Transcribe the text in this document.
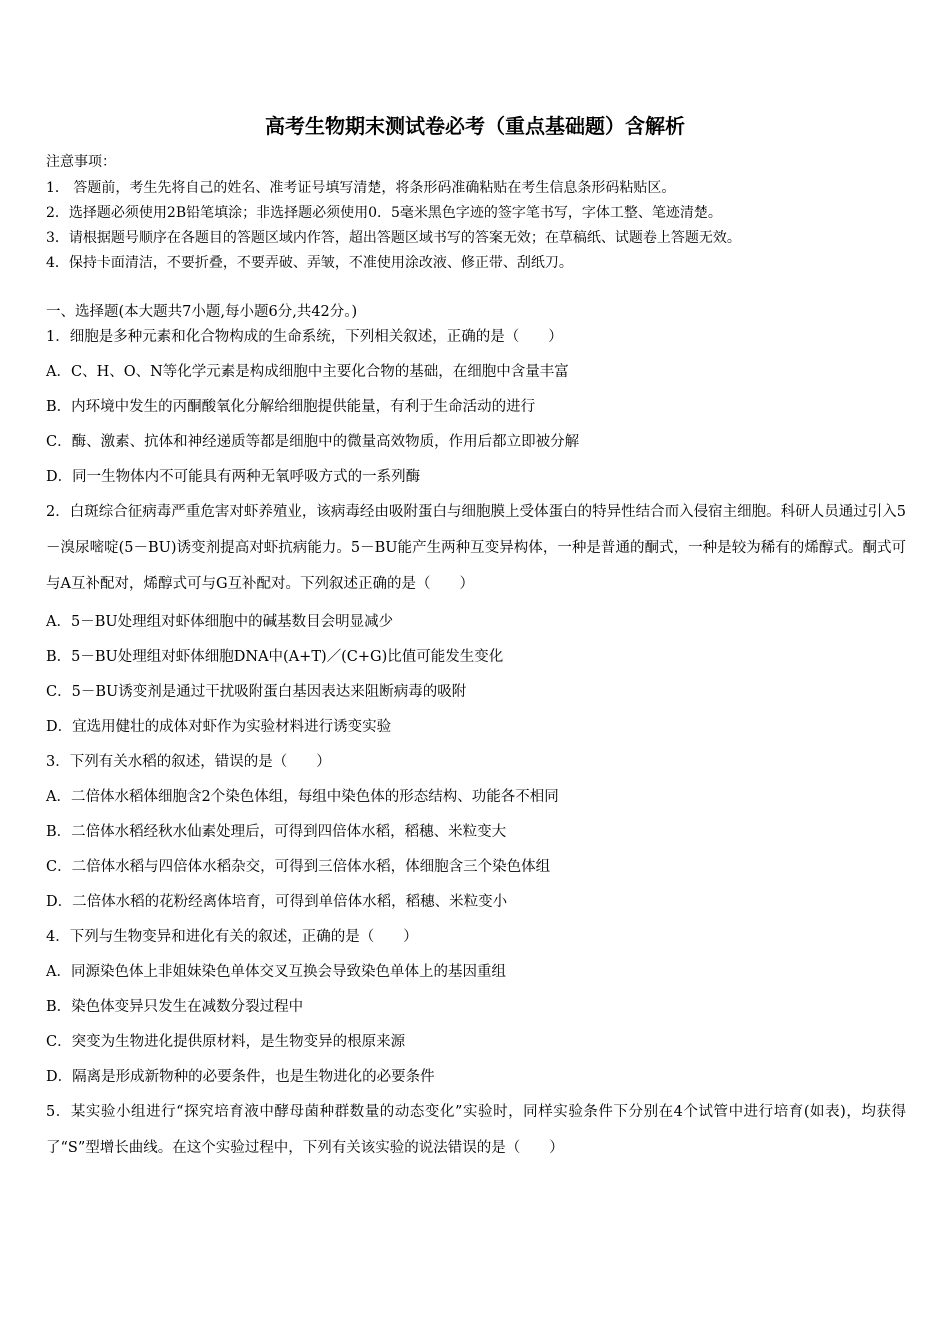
高考生物期末测试卷必考（重点基础题）含解析
注意事项：
1． 答题前，考生先将自己的姓名、准考证号填写清楚，将条形码准确粘贴在考生信息条形码粘贴区。
2．选择题必须使用2B铅笔填涂；非选择题必须使用0．5毫米黑色字迹的签字笔书写，字体工整、笔迹清楚。
3．请根据题号顺序在各题目的答题区域内作答，超出答题区域书写的答案无效；在草稿纸、试题卷上答题无效。
4．保持卡面清洁，不要折叠，不要弄破、弄皱，不准使用涂改液、修正带、刮纸刀。
一、选择题(本大题共7小题,每小题6分,共42分。)
1．细胞是多种元素和化合物构成的生命系统，下列相关叙述，正确的是（　　）
A．C、H、O、N等化学元素是构成细胞中主要化合物的基础，在细胞中含量丰富
B．内环境中发生的丙酮酸氧化分解给细胞提供能量，有利于生命活动的进行
C．酶、激素、抗体和神经递质等都是细胞中的微量高效物质，作用后都立即被分解
D．同一生物体内不可能具有两种无氧呼吸方式的一系列酶
2．白斑综合征病毒严重危害对虾养殖业，该病毒经由吸附蛋白与细胞膜上受体蛋白的特异性结合而入侵宿主细胞。科研人员通过引入5－溴尿嘧啶(5－BU)诱变剂提高对虾抗病能力。5－BU能产生两种互变异构体，一种是普通的酮式，一种是较为稀有的烯醇式。酮式可与A互补配对，烯醇式可与G互补配对。下列叙述正确的是（　　）
A．5－BU处理组对虾体细胞中的碱基数目会明显减少
B．5－BU处理组对虾体细胞DNA中(A+T)／(C+G)比值可能发生变化
C．5－BU诱变剂是通过干扰吸附蛋白基因表达来阻断病毒的吸附
D．宜选用健壮的成体对虾作为实验材料进行诱变实验
3．下列有关水稻的叙述，错误的是（　　）
A．二倍体水稻体细胞含2个染色体组，每组中染色体的形态结构、功能各不相同
B．二倍体水稻经秋水仙素处理后，可得到四倍体水稻，稻穗、米粒变大
C．二倍体水稻与四倍体水稻杂交，可得到三倍体水稻，体细胞含三个染色体组
D．二倍体水稻的花粉经离体培育，可得到单倍体水稻，稻穗、米粒变小
4．下列与生物变异和进化有关的叙述，正确的是（　　）
A．同源染色体上非姐妹染色单体交叉互换会导致染色单体上的基因重组
B．染色体变异只发生在减数分裂过程中
C．突变为生物进化提供原材料，是生物变异的根原来源
D．隔离是形成新物种的必要条件，也是生物进化的必要条件
5．某实验小组进行“探究培育液中酵母菌种群数量的动态变化”实验时，同样实验条件下分别在4个试管中进行培育(如表)，均获得了“S”型增长曲线。在这个实验过程中，下列有关该实验的说法错误的是（　　）
